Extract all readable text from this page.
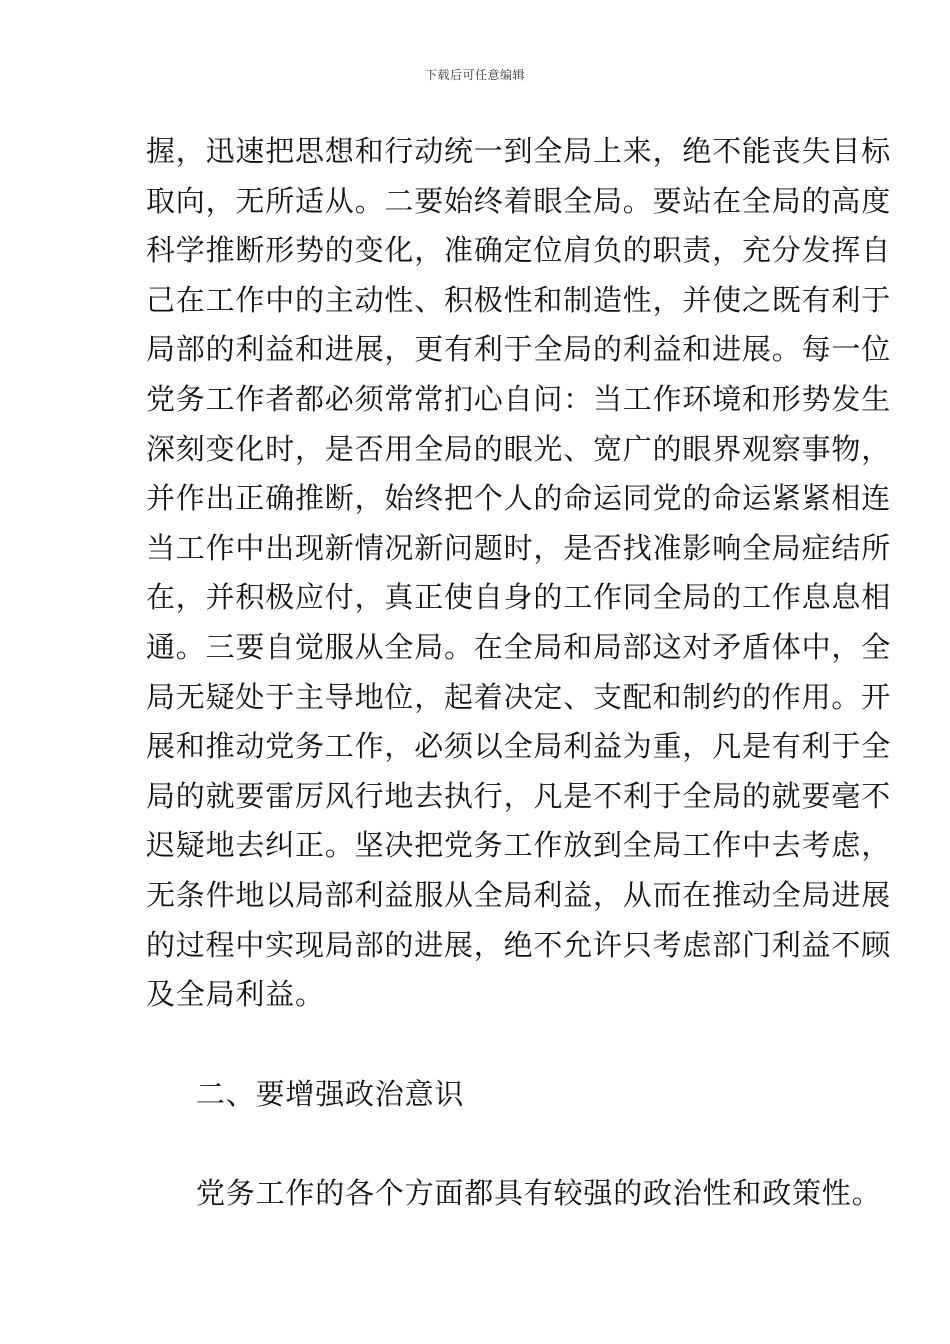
下载后可任意编辑
握，迅速把思想和行动统一到全局上来，绝不能丧失目标
取向，无所适从。二要始终着眼全局。要站在全局的高度
科学推断形势的变化，准确定位肩负的职责，充分发挥自
己在工作中的主动性、积极性和制造性，并使之既有利于
局部的利益和进展，更有利于全局的利益和进展。每一位
党务工作者都必须常常扪心自问：当工作环境和形势发生
深刻变化时，是否用全局的眼光、宽广的眼界观察事物，
并作出正确推断，始终把个人的命运同党的命运紧紧相连
当工作中出现新情况新问题时，是否找准影响全局症结所
在，并积极应付，真正使自身的工作同全局的工作息息相
通。三要自觉服从全局。在全局和局部这对矛盾体中，全
局无疑处于主导地位，起着决定、支配和制约的作用。开
展和推动党务工作，必须以全局利益为重，凡是有利于全
局的就要雷厉风行地去执行，凡是不利于全局的就要毫不
迟疑地去纠正。坚决把党务工作放到全局工作中去考虑，
无条件地以局部利益服从全局利益，从而在推动全局进展
的过程中实现局部的进展，绝不允许只考虑部门利益不顾
及全局利益。
二、要增强政治意识
党务工作的各个方面都具有较强的政治性和政策性。
